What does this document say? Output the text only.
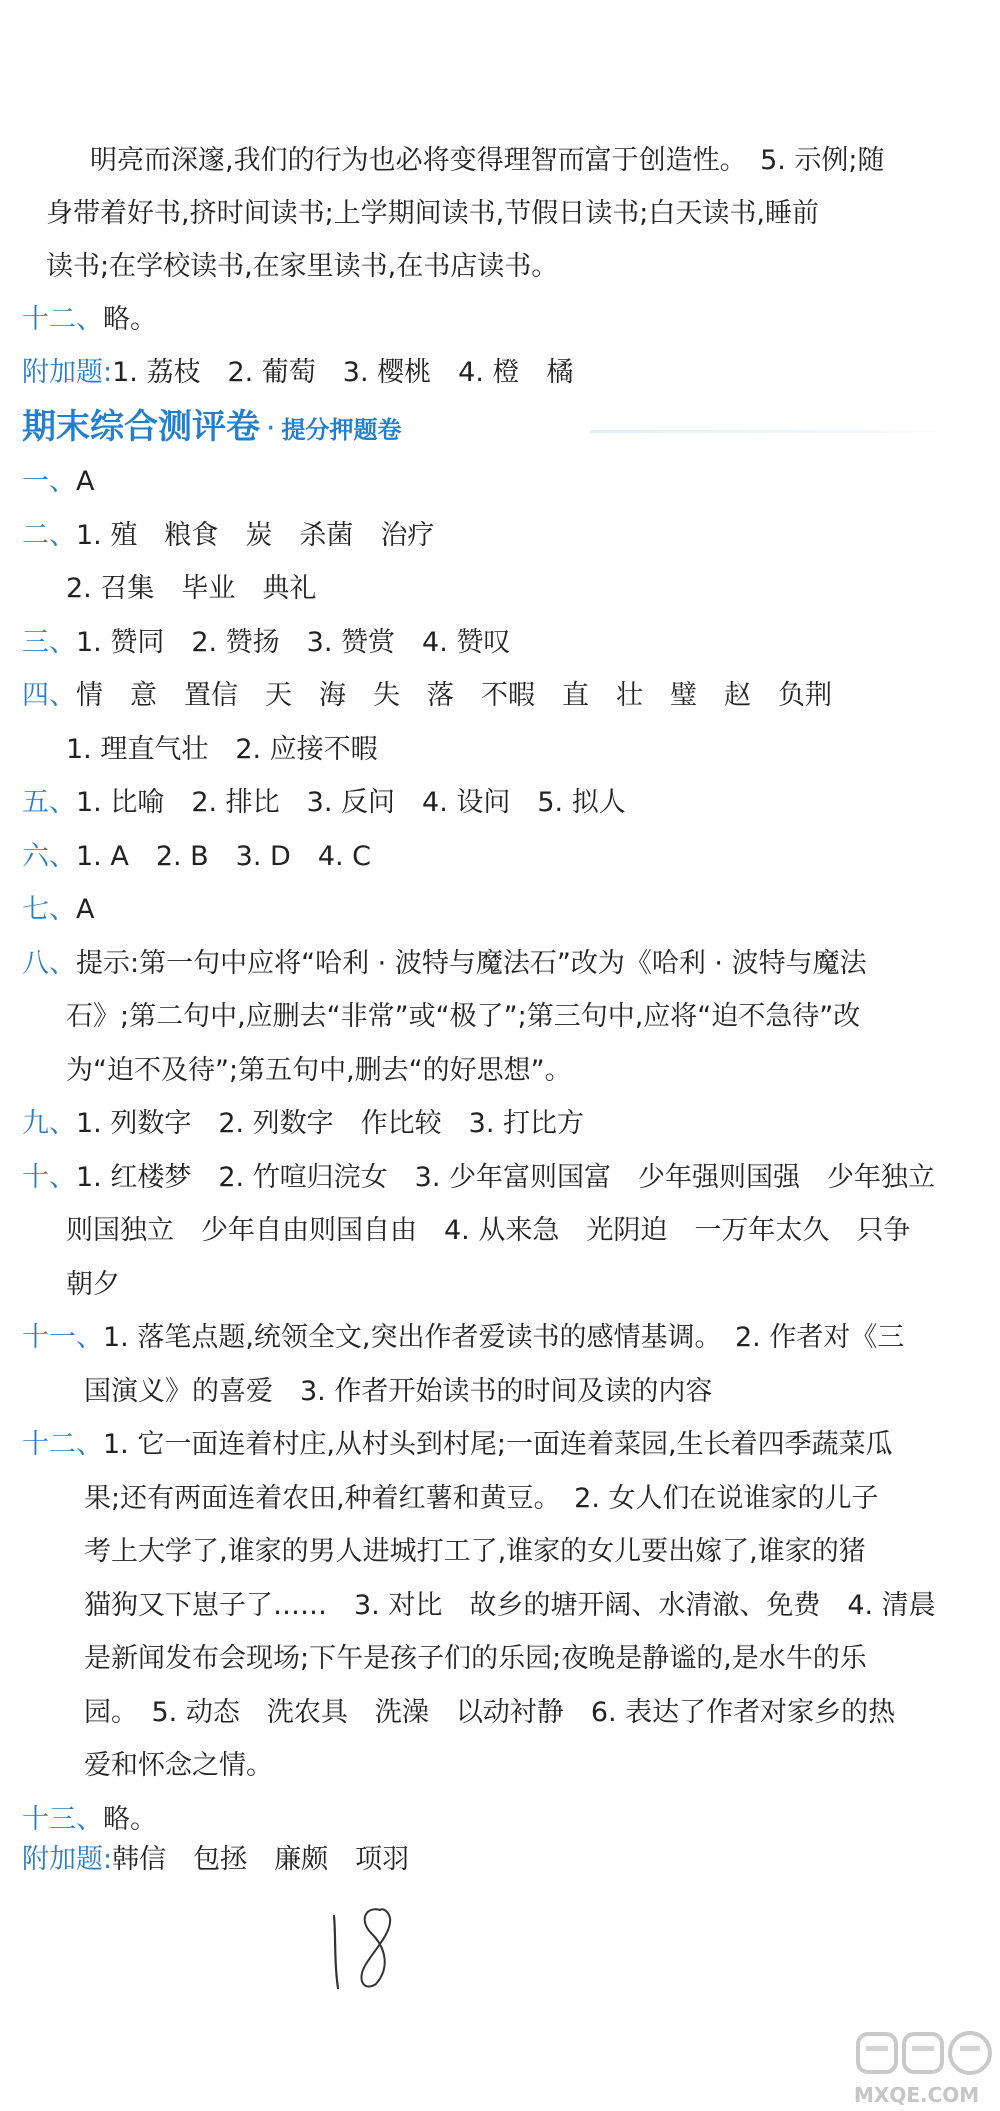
明亮而深邃,我们的行为也必将变得理智而富于创造性。　5. 示例;随
身带着好书,挤时间读书;上学期间读书,节假日读书;白天读书,睡前
读书;在学校读书,在家里读书,在书店读书。
十二、略。
附加题:1. 荔枝　2. 葡萄　3. 樱桃　4. 橙　橘
期末综合测评卷 · 提分押题卷
一、A
二、1. 殖　粮食　炭　杀菌　治疗
2. 召集　毕业　典礼
三、1. 赞同　2. 赞扬　3. 赞赏　4. 赞叹
四、情　意　置信　天　海　失　落　不暇　直　壮　璧　赵　负荆
1. 理直气壮　2. 应接不暇
五、1. 比喻　2. 排比　3. 反问　4. 设问　5. 拟人
六、1. A　2. B　3. D　4. C
七、A
八、提示:第一句中应将“哈利 · 波特与魔法石”改为《哈利 · 波特与魔法
石》;第二句中,应删去“非常”或“极了”;第三句中,应将“迫不急待”改
为“迫不及待”;第五句中,删去“的好思想”。
九、1. 列数字　2. 列数字　作比较　3. 打比方
十、1. 红楼梦　2. 竹喧归浣女　3. 少年富则国富　少年强则国强　少年独立
则国独立　少年自由则国自由　4. 从来急　光阴迫　一万年太久　只争
朝夕
十一、1. 落笔点题,统领全文,突出作者爱读书的感情基调。　2. 作者对《三
国演义》的喜爱　3. 作者开始读书的时间及读的内容
十二、1. 它一面连着村庄,从村头到村尾;一面连着菜园,生长着四季蔬菜瓜
果;还有两面连着农田,种着红薯和黄豆。　2. 女人们在说谁家的儿子
考上大学了,谁家的男人进城打工了,谁家的女儿要出嫁了,谁家的猪
猫狗又下崽子了……　3. 对比　故乡的塘开阔、水清澈、免费　4. 清晨
是新闻发布会现场;下午是孩子们的乐园;夜晚是静谧的,是水牛的乐
园。　5. 动态　洗农具　洗澡　以动衬静　6. 表达了作者对家乡的热
爱和怀念之情。
十三、略。
附加题:韩信　包拯　廉颇　项羽
MXQE.COM
